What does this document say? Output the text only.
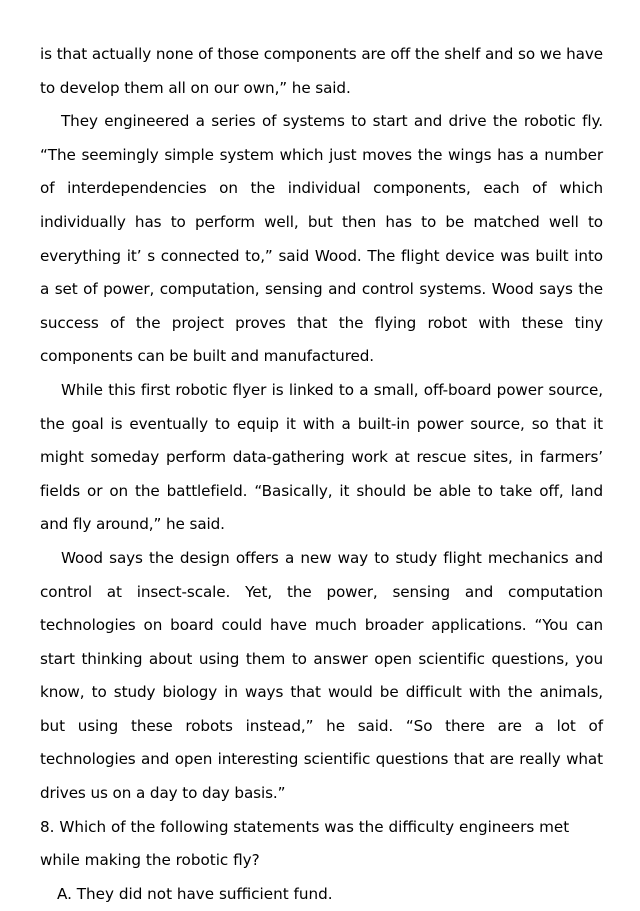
is that actually none of those components are off the shelf and so we have to develop them all on our own,” he said.

They engineered a series of systems to start and drive the robotic fly. “The seemingly simple system which just moves the wings has a number of interdependencies on the individual components, each of which individually has to perform well, but then has to be matched well to everything it’ s connected to,” said Wood. The flight device was built into a set of power, computation, sensing and control systems. Wood says the success of the project proves that the flying robot with these tiny components can be built and manufactured.

While this first robotic flyer is linked to a small, off-board power source, the goal is eventually to equip it with a built-in power source, so that it might someday perform data-gathering work at rescue sites, in farmers’ fields or on the battlefield. “Basically, it should be able to take off, land and fly around,” he said.

Wood says the design offers a new way to study flight mechanics and control at insect-scale. Yet, the power, sensing and computation technologies on board could have much broader applications. “You can start thinking about using them to answer open scientific questions, you know, to study biology in ways that would be difficult with the animals, but using these robots instead,” he said. “So there are a lot of technologies and open interesting scientific questions that are really what drives us on a day to day basis.”

8. Which of the following statements was the difficulty engineers met while making the robotic fly?

A. They did not have sufficient fund.
